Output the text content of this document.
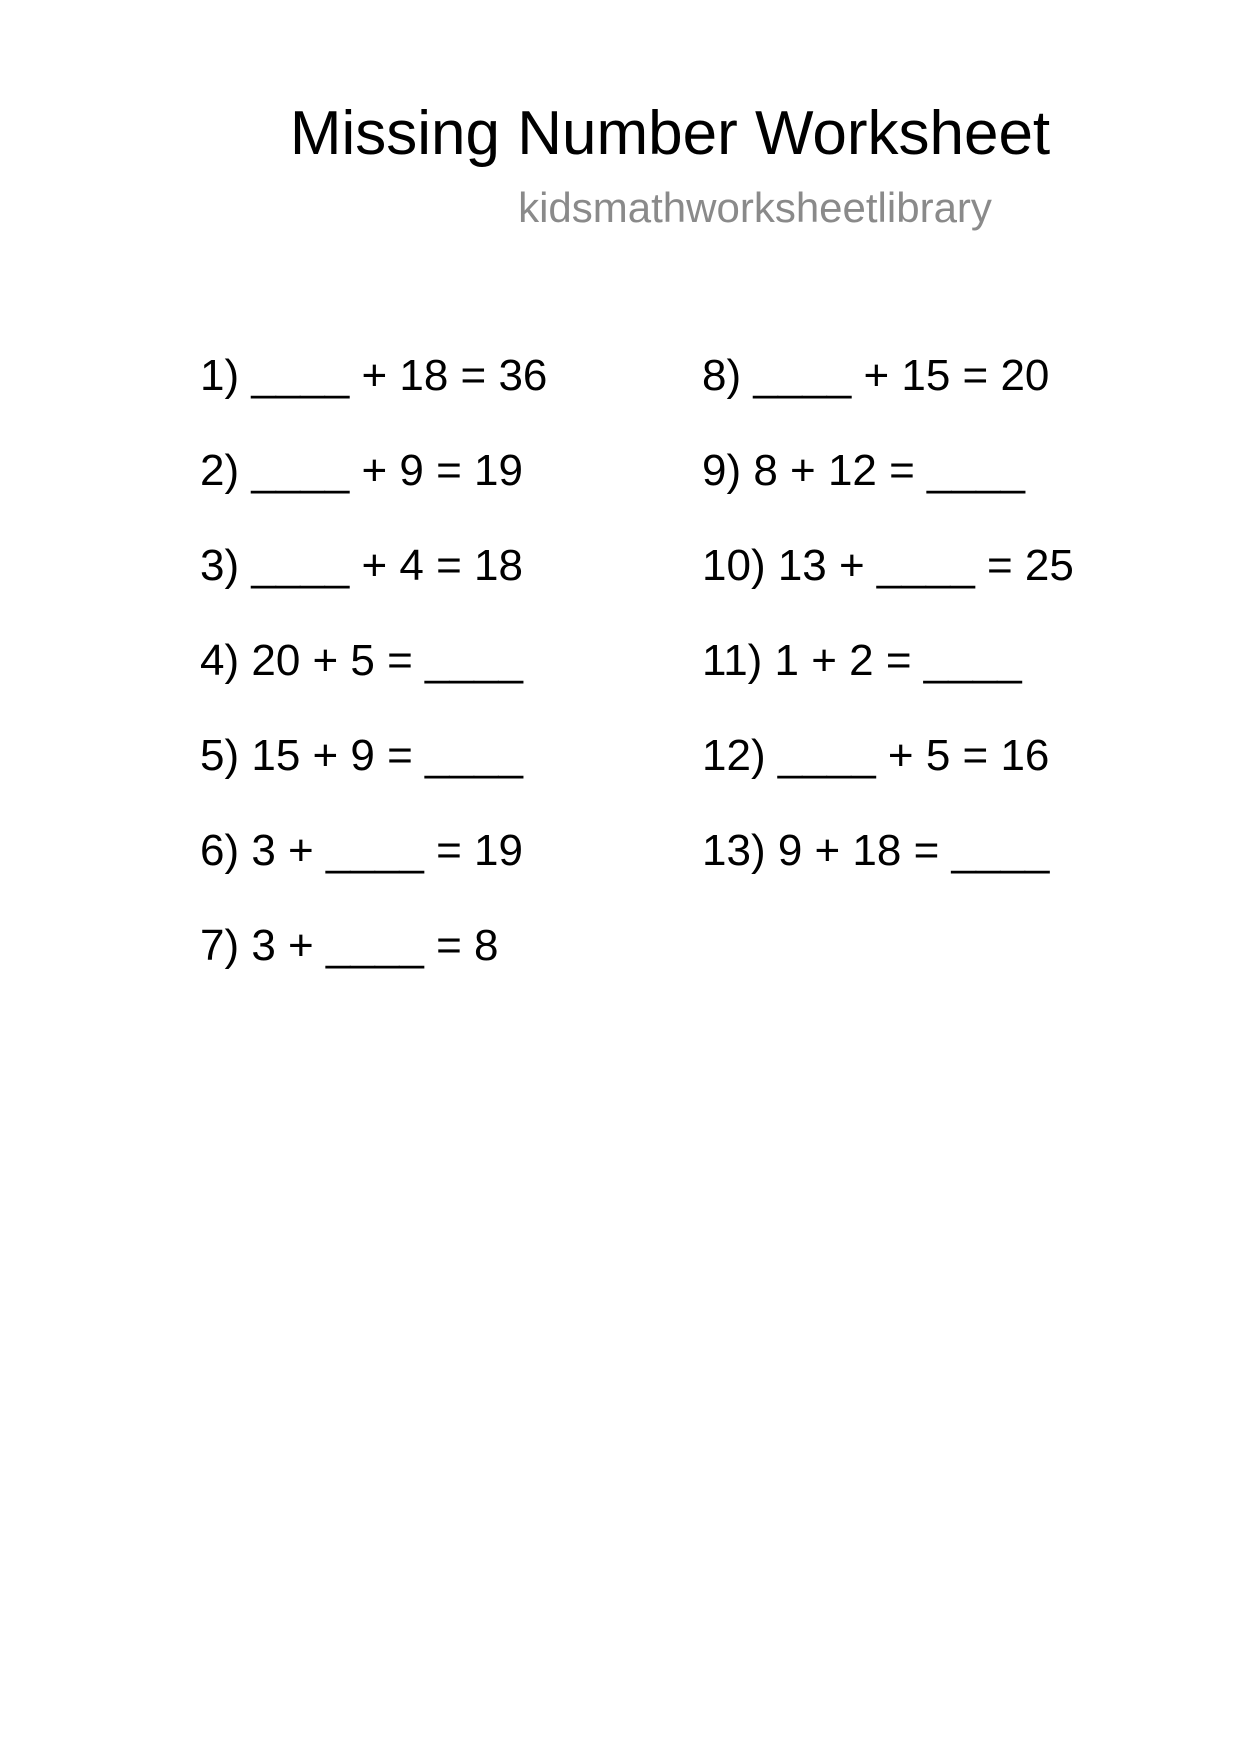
Missing Number Worksheet
kidsmathworksheetlibrary
1) ____ + 18 = 36
2) ____ + 9 = 19
3) ____ + 4 = 18
4) 20 + 5 = ____
5) 15 + 9 = ____
6) 3 + ____ = 19
7) 3 + ____ = 8
8) ____ + 15 = 20
9) 8 + 12 = ____
10) 13 + ____ = 25
11) 1 + 2 = ____
12) ____ + 5 = 16
13) 9 + 18 = ____
